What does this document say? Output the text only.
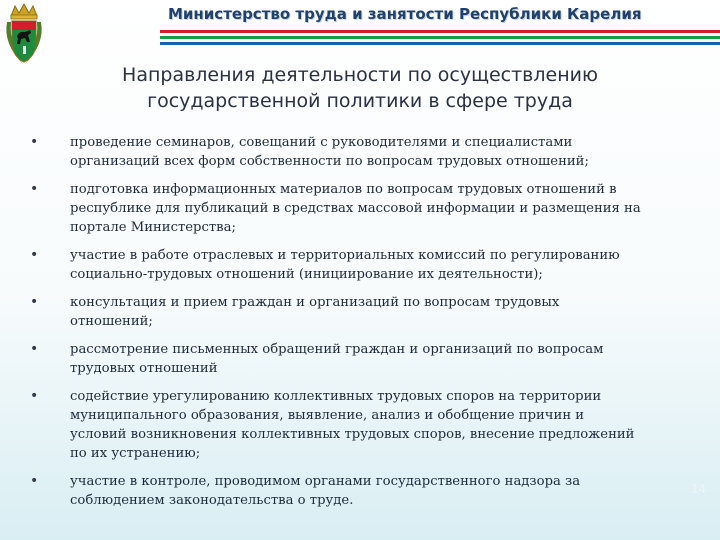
Министерство труда и занятости Республики Карелия
Направления деятельности по осуществлению
государственной политики в сфере труда
•	проведение семинаров, совещаний с руководителями и специалистами
организаций всех форм собственности по вопросам трудовых отношений;
•	подготовка информационных материалов по вопросам трудовых отношений в
республике для публикаций в средствах массовой информации и размещения на
портале Министерства;
•	участие в работе отраслевых и территориальных комиссий по регулированию
социально-трудовых отношений (инициирование их деятельности);
•	консультация и прием граждан и организаций по вопросам трудовых
отношений;
•	рассмотрение письменных обращений граждан и организаций по вопросам
трудовых отношений
•	содействие урегулированию коллективных трудовых споров на территории
муниципального образования, выявление, анализ и обобщение причин и
условий возникновения коллективных трудовых споров, внесение предложений
по их устранению;
•	участие в контроле, проводимом органами государственного надзора за
соблюдением законодательства о труде.
14
